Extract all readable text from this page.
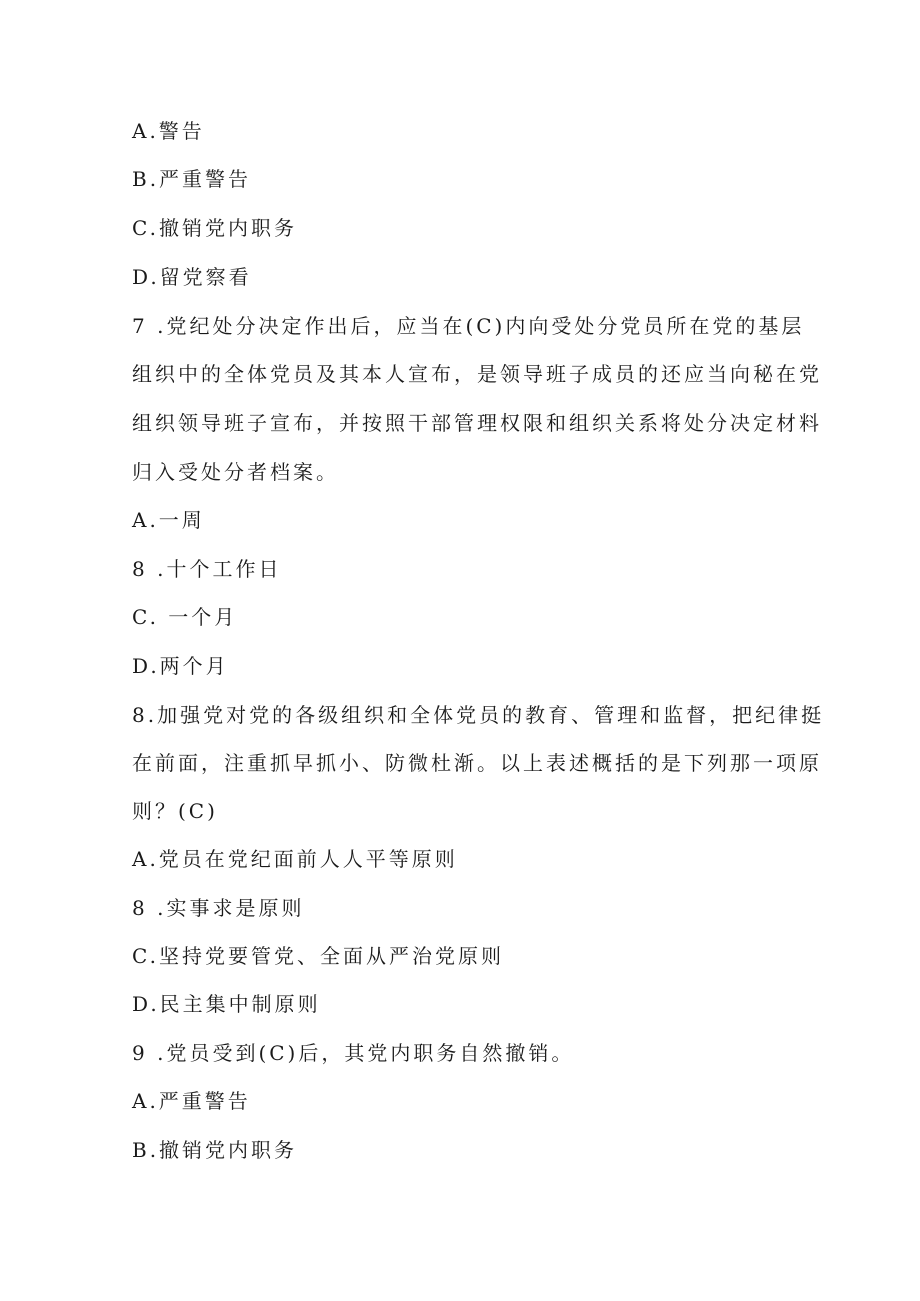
A.警告
B.严重警告
C.撤销党内职务
D.留党察看
7 .党纪处分决定作出后，应当在(C)内向受处分党员所在党的基层
组织中的全体党员及其本人宣布，是领导班子成员的还应当向秘在党
组织领导班子宣布，并按照干部管理权限和组织关系将处分决定材料
归入受处分者档案。
A.一周
8 .十个工作日
C. 一个月
D.两个月
8.加强党对党的各级组织和全体党员的教育、管理和监督，把纪律挺
在前面，注重抓早抓小、防微杜渐。以上表述概括的是下列那一项原
则？(C)
A.党员在党纪面前人人平等原则
8 .实事求是原则
C.坚持党要管党、全面从严治党原则
D.民主集中制原则
9 .党员受到(C)后，其党内职务自然撤销。
A.严重警告
B.撤销党内职务
